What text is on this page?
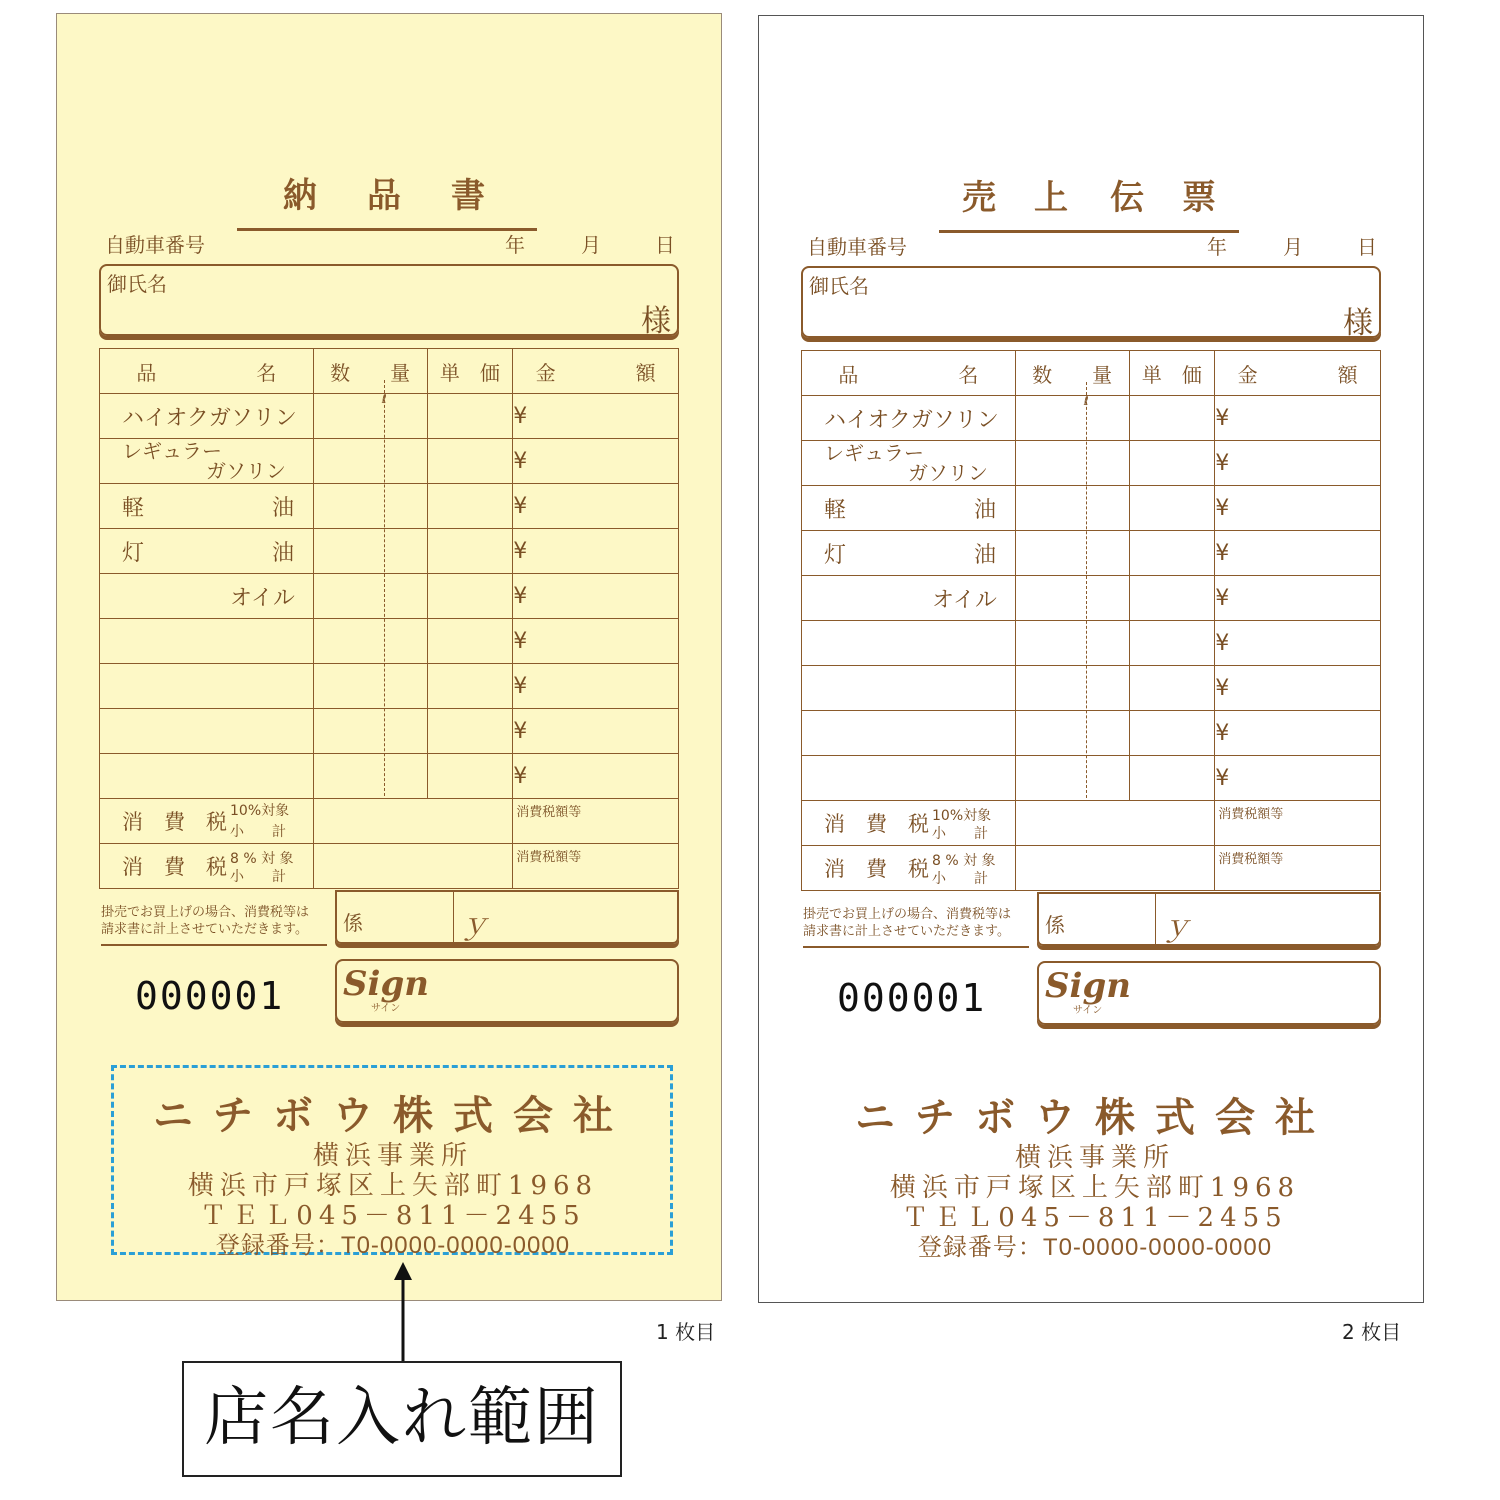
納 品 書
自動車番号	年	月	日
御氏名
様
品　　　　　名	数　　量	単　価	金　　　　額
ハイオクガソリン	ℓ		¥
レギュラー
ガソリン			¥
軽 油			¥
灯 油			¥
オイル			¥
			¥
			¥
			¥
			¥
消　費　税 10%対象
小　　計			消費税額等

消　費　税 8 % 対 象
小　　計			消費税額等
掛売でお買上げの場合、消費税等は
請求書に計上させていただきます。	係	ｙ
000001 Sign
サイン
ニチボウ株式会社
横浜事業所
横浜市戸塚区上矢部町1968
ＴＥＬ045－811－2455
登録番号：T0-0000-0000-0000
1 枚目
売 上 伝 票
自動車番号	年	月	日
御氏名
様
品　　　　　名	数　　量	単　価	金　　　　額
ハイオクガソリン	ℓ		¥
レギュラー
ガソリン			¥
軽 油			¥
灯 油			¥
オイル			¥
			¥
			¥
			¥
			¥
消　費　税 10%対象
小　　計			消費税額等

消　費　税 8 % 対 象
小　　計			消費税額等
掛売でお買上げの場合、消費税等は
請求書に計上させていただきます。	係	ｙ
000001 Sign
サイン
ニチボウ株式会社
横浜事業所
横浜市戸塚区上矢部町1968
ＴＥＬ045－811－2455
登録番号：T0-0000-0000-0000
2 枚目
店名入れ範囲
